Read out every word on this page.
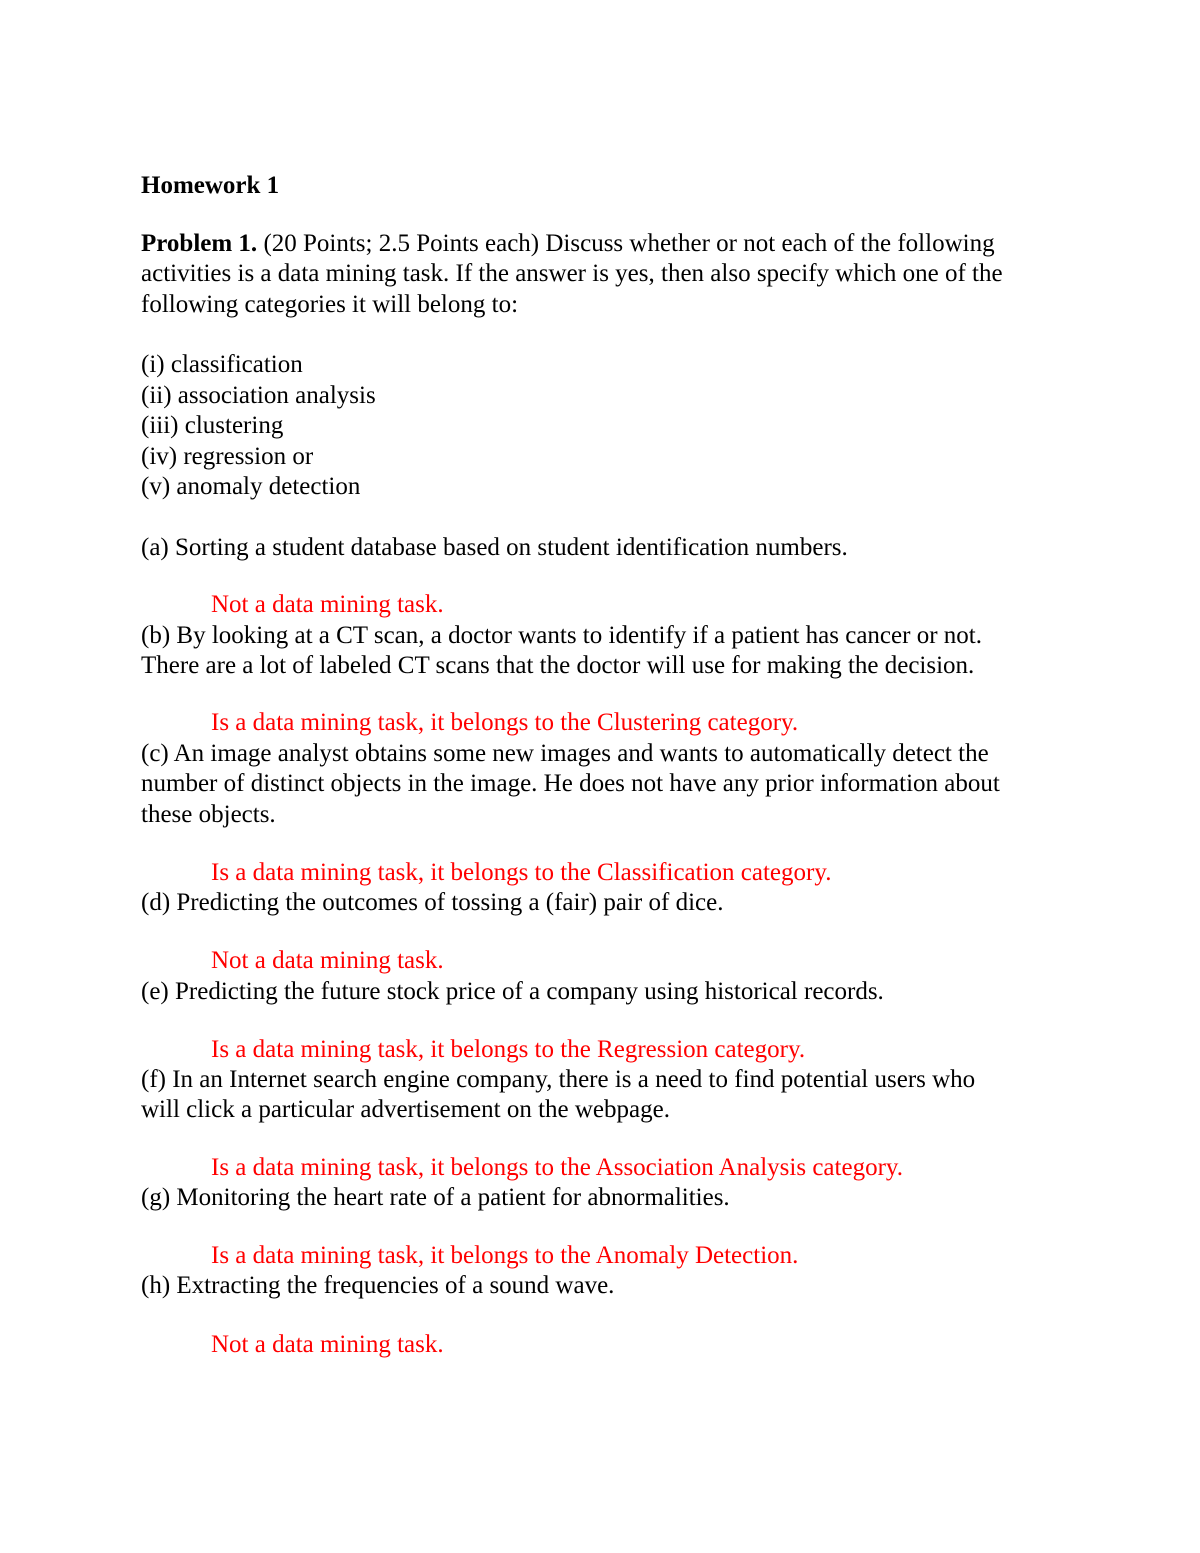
Homework 1

Problem 1. (20 Points; 2.5 Points each) Discuss whether or not each of the following

activities is a data mining task. If the answer is yes, then also specify which one of the

following categories it will belong to:

(i) classification

(ii) association analysis

(iii) clustering

(iv) regression or

(v) anomaly detection

(a) Sorting a student database based on student identification numbers.

Not a data mining task.

(b) By looking at a CT scan, a doctor wants to identify if a patient has cancer or not.

There are a lot of labeled CT scans that the doctor will use for making the decision.

Is a data mining task, it belongs to the Clustering category.

(c) An image analyst obtains some new images and wants to automatically detect the

number of distinct objects in the image. He does not have any prior information about

these objects.

Is a data mining task, it belongs to the Classification category.

(d) Predicting the outcomes of tossing a (fair) pair of dice.

Not a data mining task.

(e) Predicting the future stock price of a company using historical records.

Is a data mining task, it belongs to the Regression category.

(f) In an Internet search engine company, there is a need to find potential users who

will click a particular advertisement on the webpage.

Is a data mining task, it belongs to the Association Analysis category.

(g) Monitoring the heart rate of a patient for abnormalities.

Is a data mining task, it belongs to the Anomaly Detection.

(h) Extracting the frequencies of a sound wave.

Not a data mining task.
